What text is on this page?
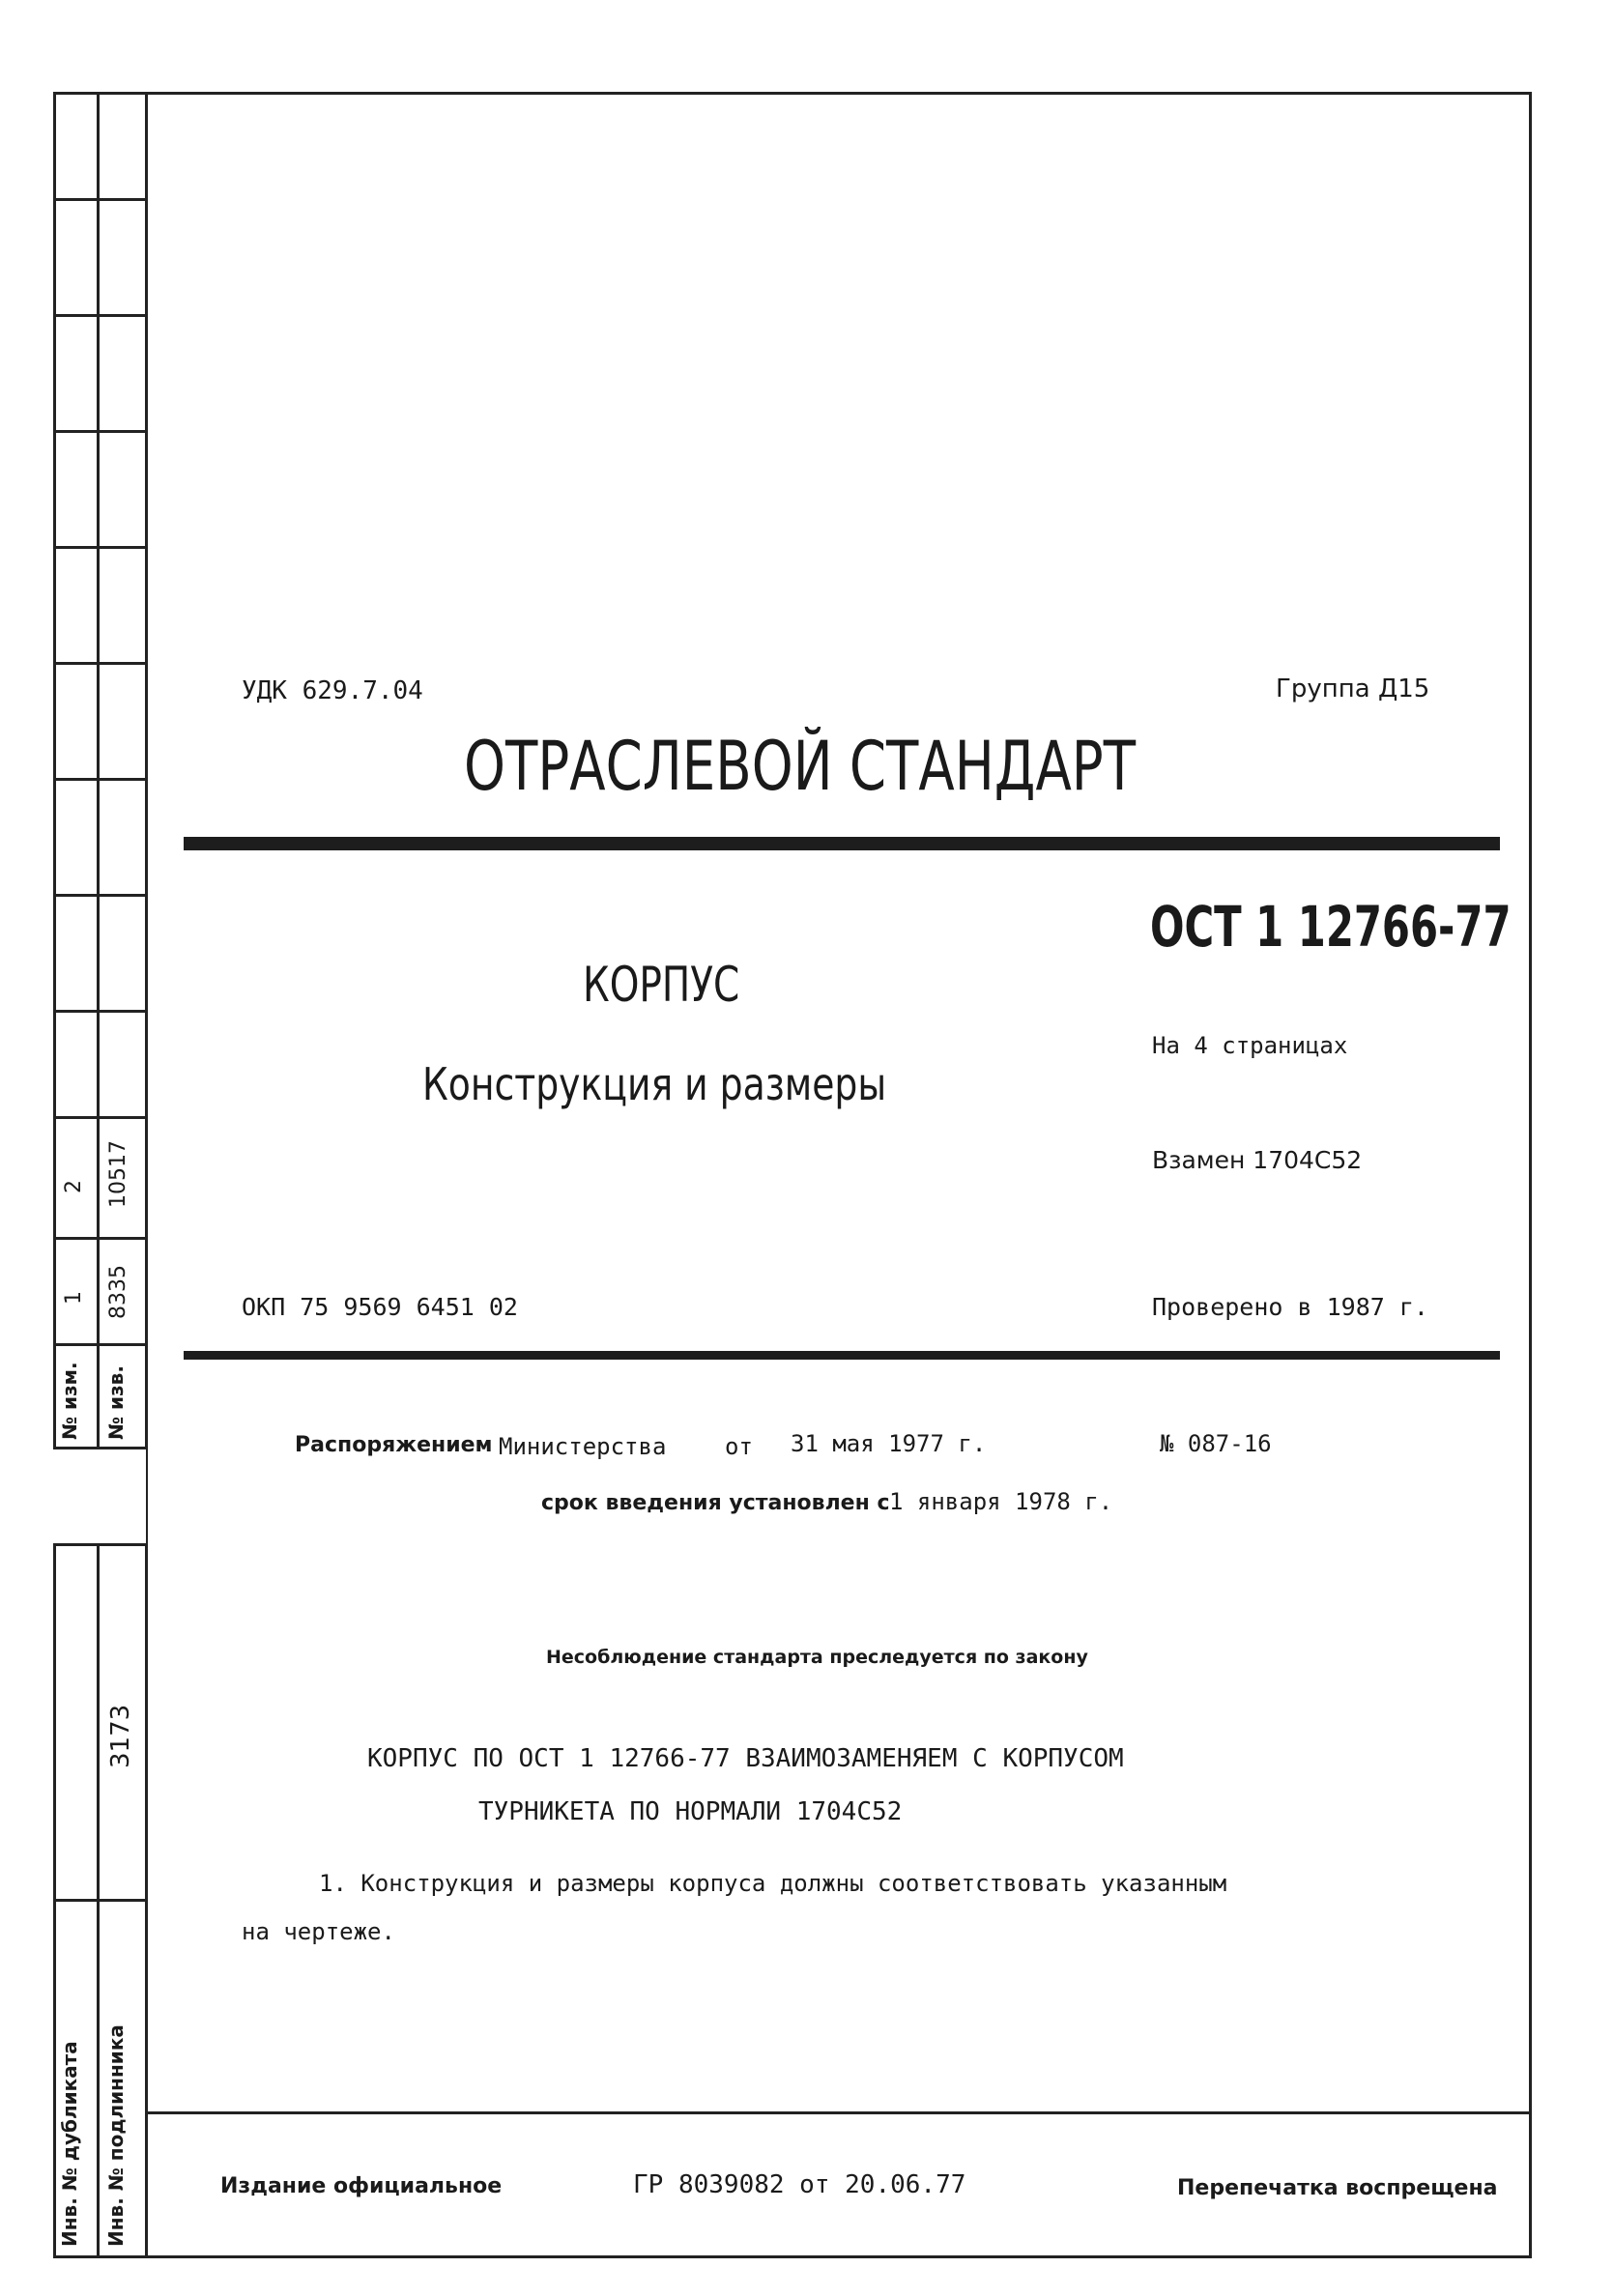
2 10517
1 8335
№ изм. № изв.
3173
Инв. № дубликата Инв. № подлинника
УДК 629.7.04	Группа Д15
ОТРАСЛЕВОЙ СТАНДАРТ
ОСТ 1 12766-77
КОРПУС
На 4 страницах
Конструкция и размеры
Взамен 1704С52
ОКП 75 9569 6451 02	Проверено в 1987 г.
Распоряжением Министерства	от 31 мая 1977 г.	№ 087-16
срок введения установлен с 1 января 1978 г.
Несоблюдение стандарта преследуется по закону
КОРПУС ПО ОСТ 1 12766-77 ВЗАИМОЗАМЕНЯЕМ С КОРПУСОМ
ТУРНИКЕТА ПО НОРМАЛИ 1704С52
1. Конструкция и размеры корпуса должны соответствовать указанным
на чертеже.
Издание официальное	ГР 8039082 от 20.06.77	Перепечатка воспрещена
